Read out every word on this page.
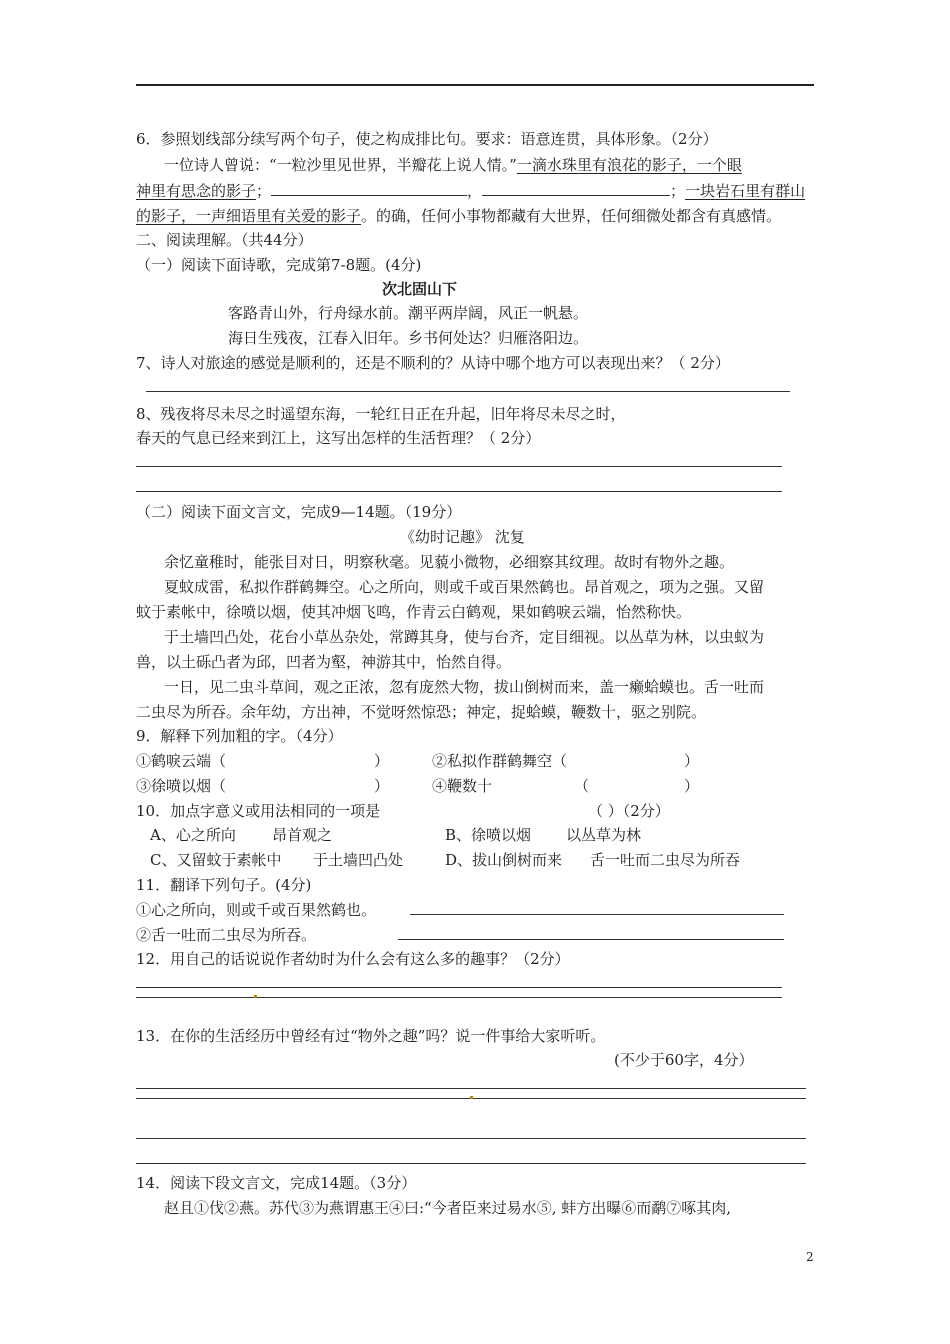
6．参照划线部分续写两个句子，使之构成排比句。要求：语意连贯，具体形象。（2分）
一位诗人曾说：“一粒沙里见世界，半瓣花上说人情。”一滴水珠里有浪花的影子，一个眼
神里有思念的影子；	，	；一块岩石里有群山
的影子，一声细语里有关爱的影子。的确，任何小事物都藏有大世界，任何细微处都含有真感情。
二、阅读理解。（共44分）
（一）阅读下面诗歌，完成第7-8题。(4分)
次北固山下
客路青山外，行舟绿水前。潮平两岸阔，风正一帆悬。
海日生残夜，江春入旧年。乡书何处达？归雁洛阳边。
7、诗人对旅途的感觉是顺利的，还是不顺利的？从诗中哪个地方可以表现出来？（ 2分）
8、残夜将尽未尽之时遥望东海，一轮红日正在升起，旧年将尽未尽之时，
春天的气息已经来到江上，这写出怎样的生活哲理？（ 2分）
（二）阅读下面文言文，完成9—14题。（19分）
《幼时记趣》 沈复
余忆童稚时，能张目对日，明察秋毫。见藐小微物，必细察其纹理。故时有物外之趣。
夏蚊成雷，私拟作群鹤舞空。心之所向，则或千或百果然鹤也。昂首观之，项为之强。又留
蚊于素帐中，徐喷以烟，使其冲烟飞鸣，作青云白鹤观，果如鹤唳云端，怡然称快。
于土墙凹凸处，花台小草丛杂处，常蹲其身，使与台齐，定目细视。以丛草为林，以虫蚁为
兽，以土砾凸者为邱，凹者为壑，神游其中，怡然自得。
一日，见二虫斗草间，观之正浓，忽有庞然大物，拔山倒树而来，盖一癞蛤蟆也。舌一吐而
二虫尽为所吞。余年幼，方出神，不觉呀然惊恐；神定，捉蛤蟆，鞭数十，驱之别院。
9．解释下列加粗的字。（4分）
①鹤唳云端（	）	②私拟作群鹤舞空（	）
③徐喷以烟（	）	④鞭数十	（	）
10．加点字意义或用法相同的一项是	（ ）（2分）
A、心之所向 昂首观之	B、徐喷以烟 以丛草为林
C、又留蚊于素帐中 于土墙凹凸处	D、拔山倒树而来 舌一吐而二虫尽为所吞
11．翻译下列句子。(4分)
①心之所向，则或千或百果然鹤也。
②舌一吐而二虫尽为所吞。
12．用自己的话说说作者幼时为什么会有这么多的趣事？（2分）
13．在你的生活经历中曾经有过“物外之趣”吗？说一件事给大家听听。
(不少于60字，4分）
14．阅读下段文言文，完成14题。（3分）
赵且①伐②燕。苏代③为燕谓惠王④曰:“今者臣来过易水⑤, 蚌方出曝⑥而鹬⑦啄其肉,
2
